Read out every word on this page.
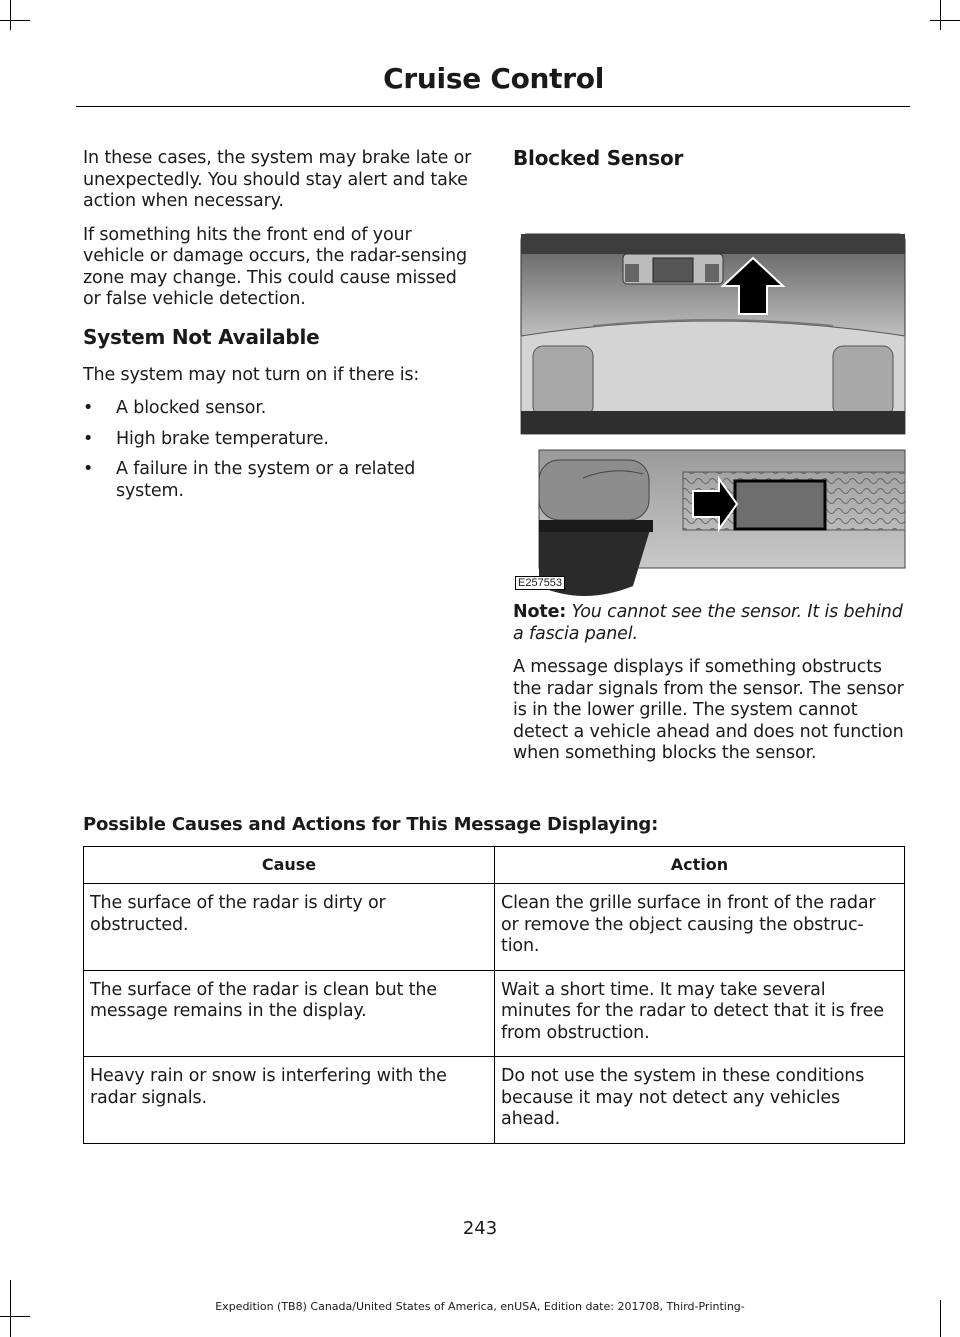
Cruise Control

In these cases, the system may brake late or unexpectedly. You should stay alert and take action when necessary.

If something hits the front end of your vehicle or damage occurs, the radar-sensing zone may change. This could cause missed or false vehicle detection.

System Not Available

The system may not turn on if there is:

• A blocked sensor.
• High brake temperature.
• A failure in the system or a related system.
Blocked Sensor
E257553

Note: You cannot see the sensor. It is behind a fascia panel.

A message displays if something obstructs the radar signals from the sensor. The sensor is in the lower grille. The system cannot detect a vehicle ahead and does not function when something blocks the sensor.

Possible Causes and Actions for This Message Displaying:
Cause	Action
The surface of the radar is dirty or obstructed.	Clean the grille surface in front of the radar or remove the object causing the obstruc-tion.
The surface of the radar is clean but the message remains in the display.	Wait a short time. It may take several minutes for the radar to detect that it is free from obstruction.
Heavy rain or snow is interfering with the radar signals.	Do not use the system in these conditions because it may not detect any vehicles ahead.
243
Expedition (TB8) Canada/United States of America, enUSA, Edition date: 201708, Third-Printing-
